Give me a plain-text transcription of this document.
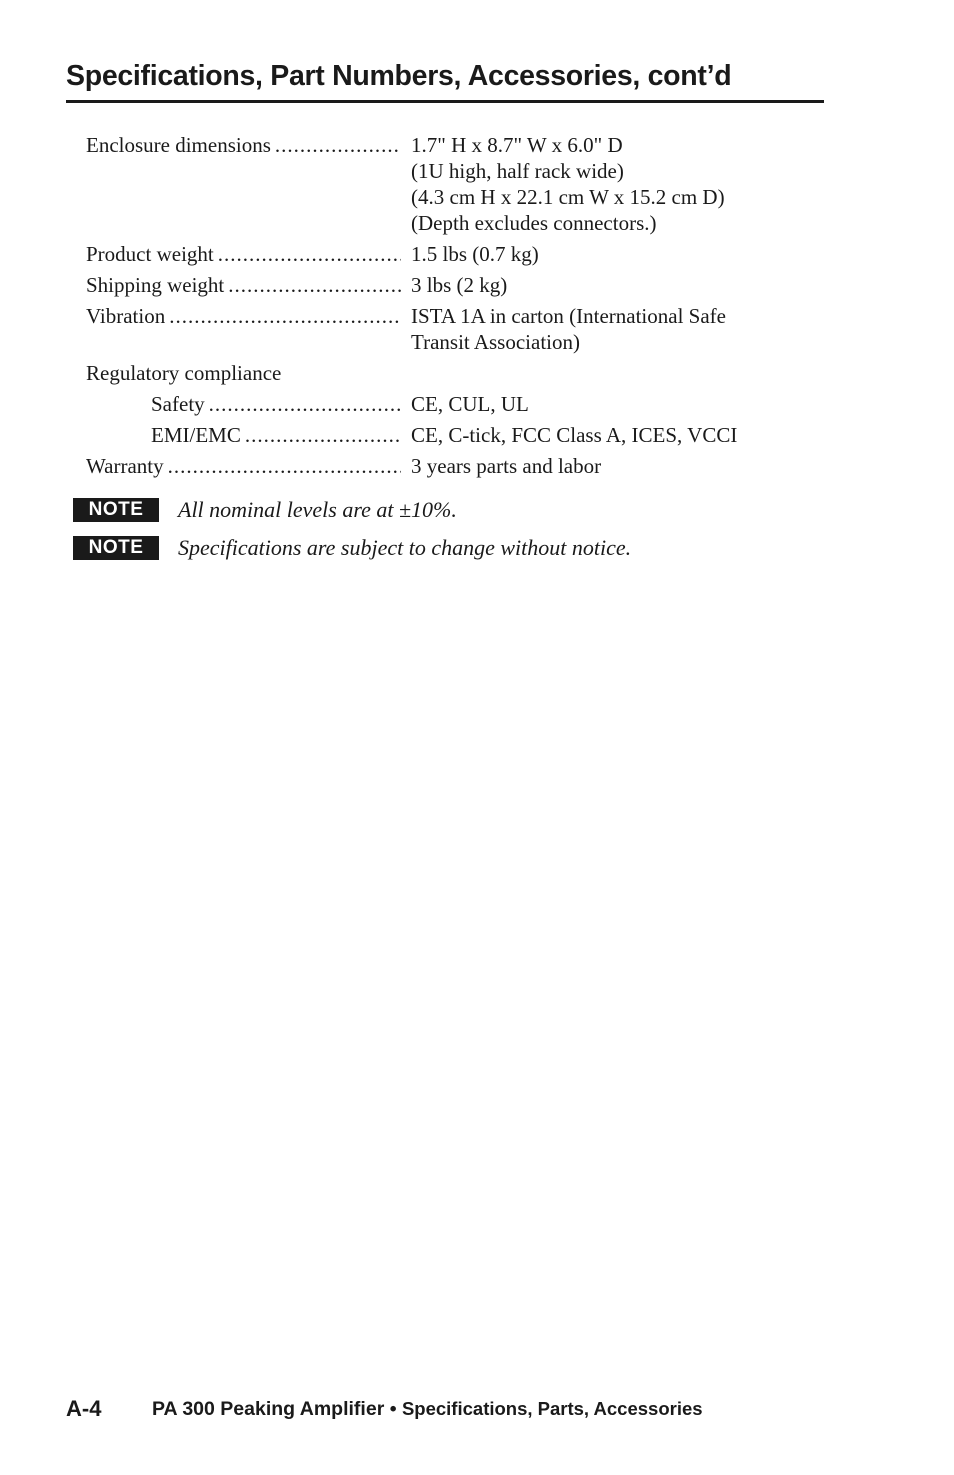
Specifications, Part Numbers, Accessories, cont’d
Enclosure dimensions .....	1.7" H x 8.7" W x 6.0" D
(1U high, half rack wide)
(4.3 cm H x 22.1 cm W x 15.2 cm D)
(Depth excludes connectors.)
Product weight .....	1.5 lbs (0.7 kg)
Shipping weight .....	3 lbs (2 kg)
Vibration .....	ISTA 1A in carton (International Safe
Transit Association)
Regulatory compliance
Safety .....	CE, CUL, UL
EMI/EMC .....	CE, C-tick, FCC Class A, ICES, VCCI
Warranty .....	3 years parts and labor
NOTE	All nominal levels are at ±10%.
NOTE	Specifications are subject to change without notice.
A-4	PA 300 Peaking Amplifier • Specifications, Parts, Accessories
